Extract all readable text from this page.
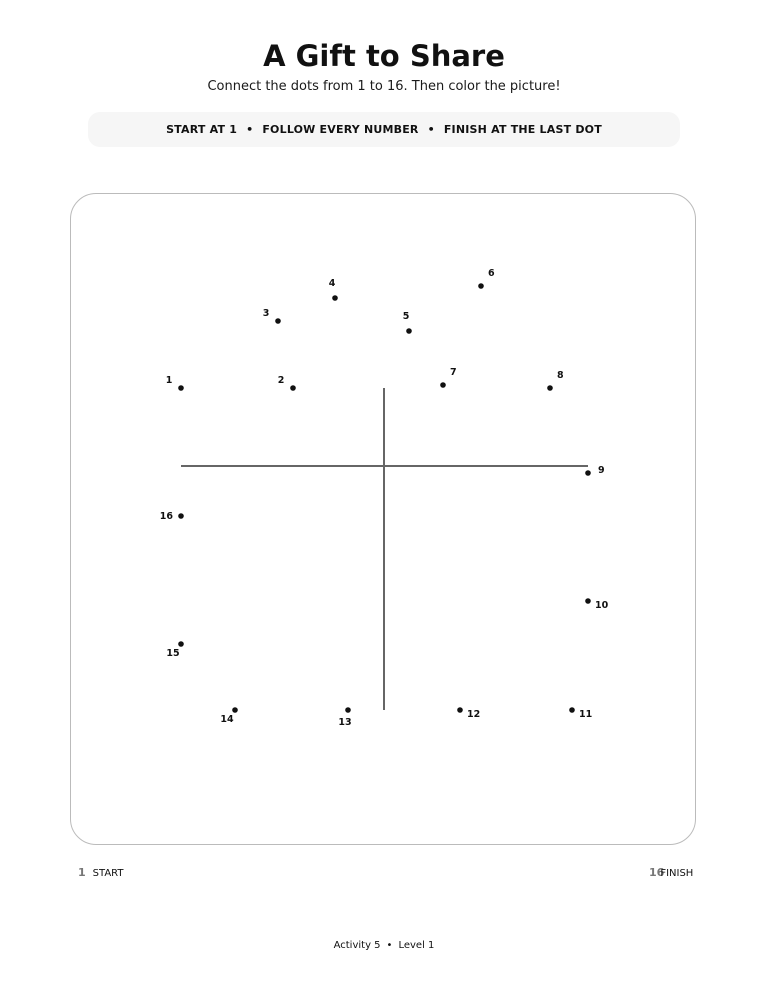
A Gift to Share
Connect the dots from 1 to 16. Then color the picture!
START AT 1 • FOLLOW EVERY NUMBER • FINISH AT THE LAST DOT
1	2
3
4
5
6
7	8
9
10
11
12
13
14
15
16
1 START	16FINISH
Activity 5 • Level 1
